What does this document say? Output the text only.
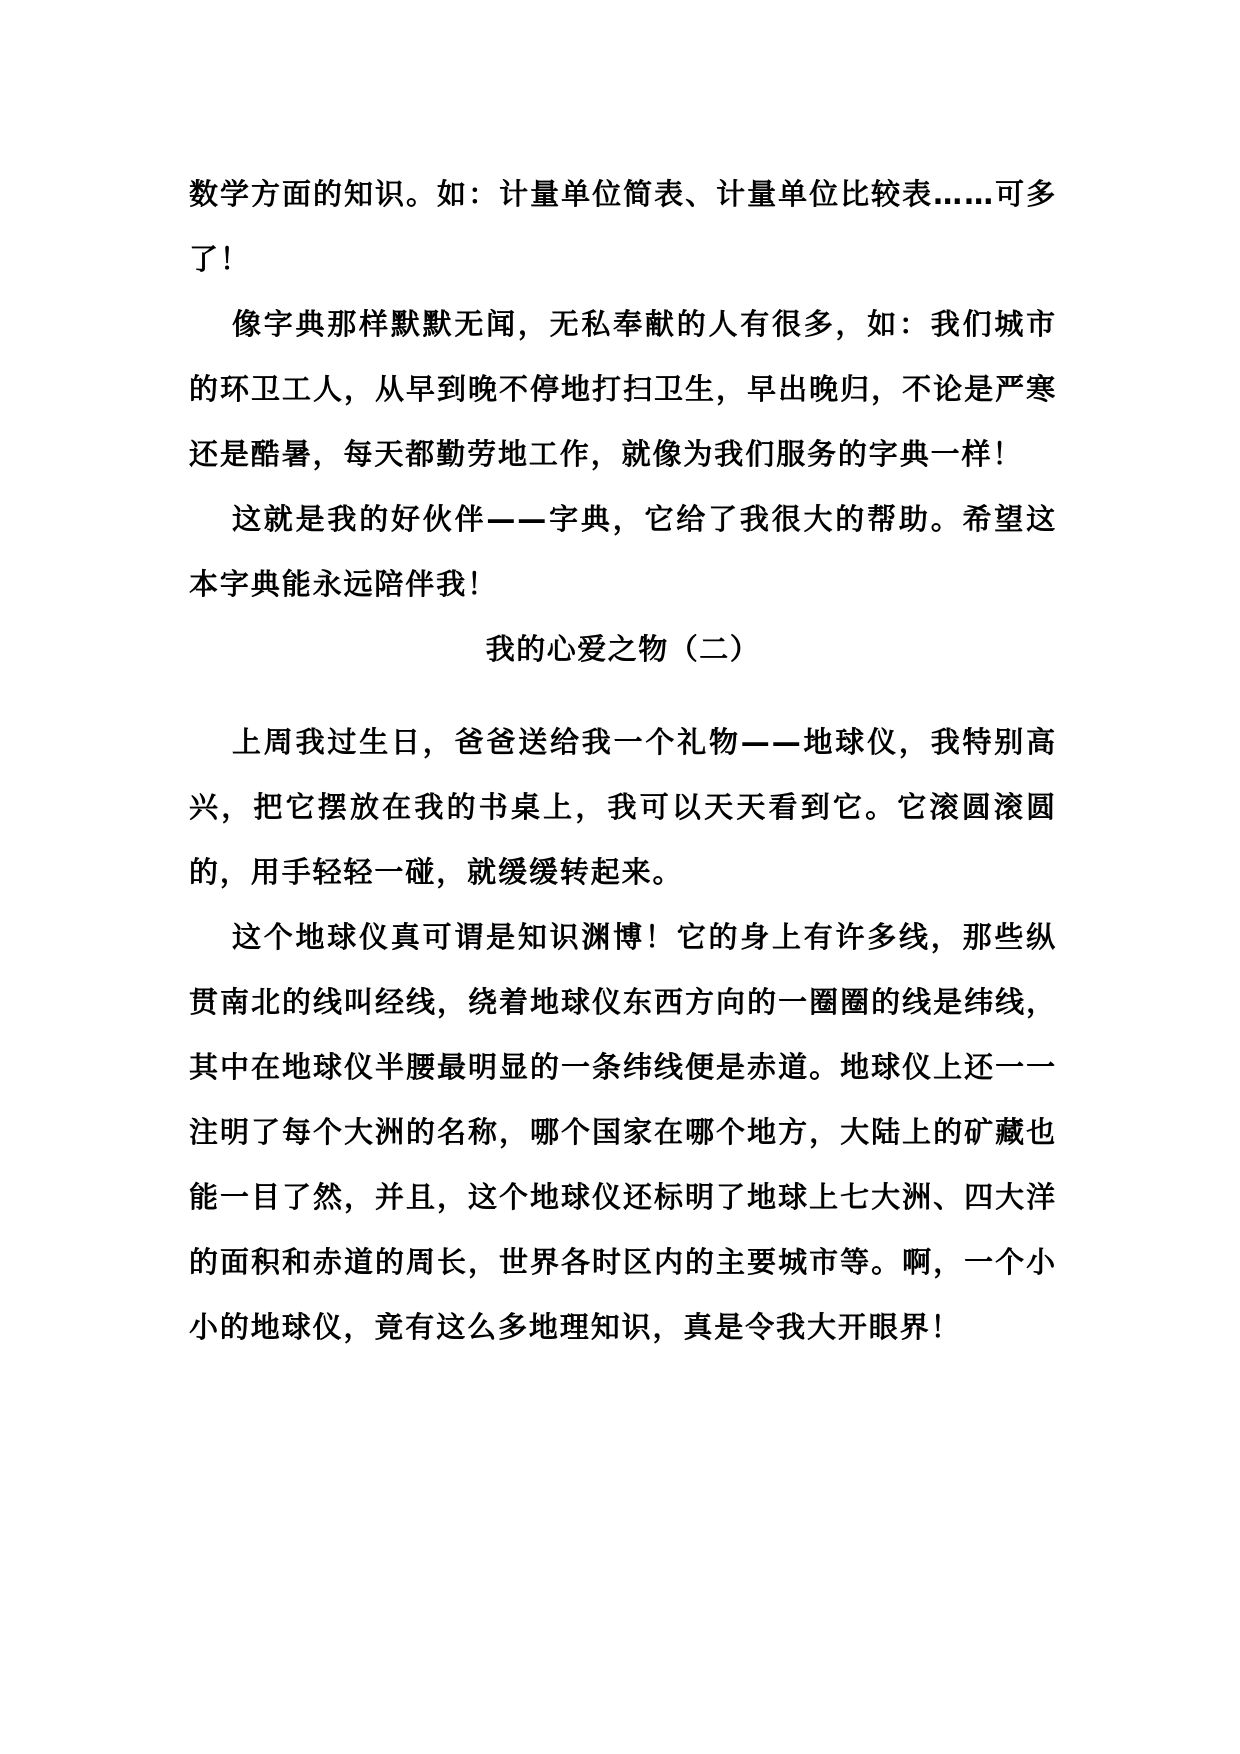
数学方面的知识。如：计量单位简表、计量单位比较表……可多了！

像字典那样默默无闻，无私奉献的人有很多，如：我们城市的环卫工人，从早到晚不停地打扫卫生，早出晚归，不论是严寒还是酷暑，每天都勤劳地工作，就像为我们服务的字典一样！

这就是我的好伙伴——字典，它给了我很大的帮助。希望这本字典能永远陪伴我！

我的心爱之物（二）

上周我过生日，爸爸送给我一个礼物——地球仪，我特别高兴，把它摆放在我的书桌上，我可以天天看到它。它滚圆滚圆的，用手轻轻一碰，就缓缓转起来。

这个地球仪真可谓是知识渊博！它的身上有许多线，那些纵贯南北的线叫经线，绕着地球仪东西方向的一圈圈的线是纬线，其中在地球仪半腰最明显的一条纬线便是赤道。地球仪上还一一注明了每个大洲的名称，哪个国家在哪个地方，大陆上的矿藏也能一目了然，并且，这个地球仪还标明了地球上七大洲、四大洋的面积和赤道的周长，世界各时区内的主要城市等。啊，一个小小的地球仪，竟有这么多地理知识，真是令我大开眼界！
